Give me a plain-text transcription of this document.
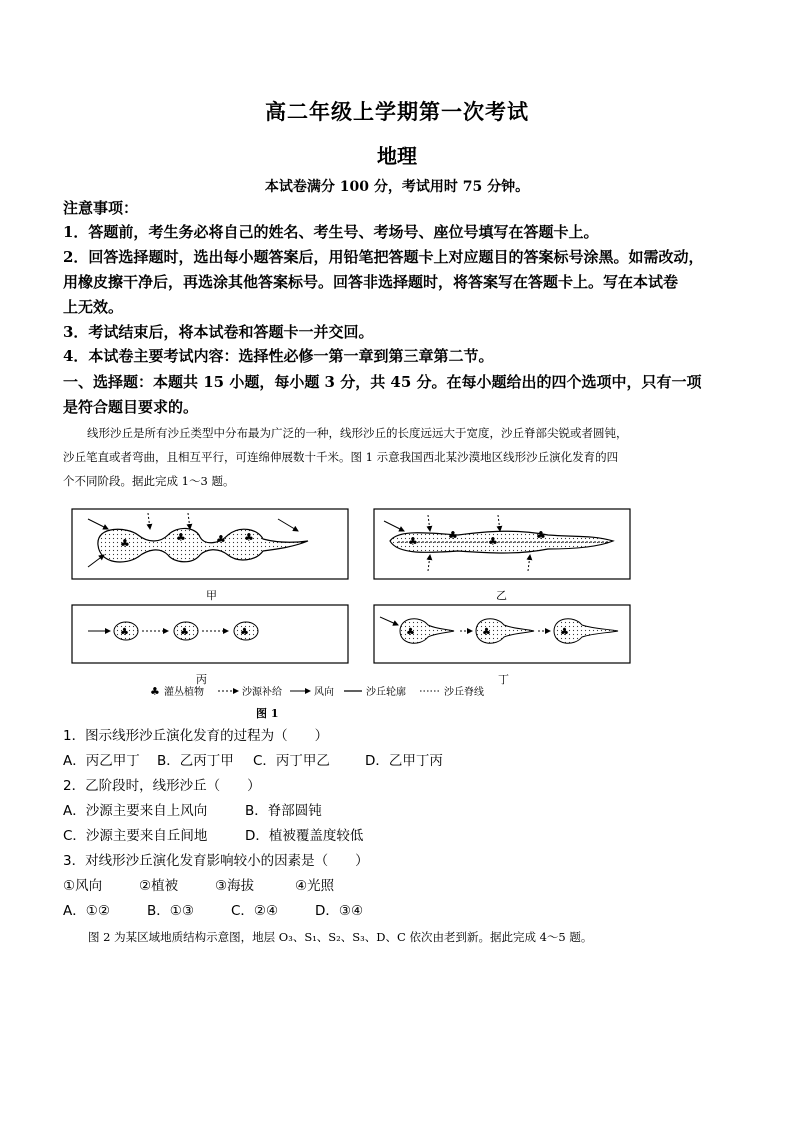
高二年级上学期第一次考试
地理
本试卷满分 100 分，考试用时 75 分钟。
注意事项：
1．答题前，考生务必将自己的姓名、考生号、考场号、座位号填写在答题卡上。
2．回答选择题时，选出每小题答案后，用铅笔把答题卡上对应题目的答案标号涂黑。如需改动，
用橡皮擦干净后，再选涂其他答案标号。回答非选择题时，将答案写在答题卡上。写在本试卷
上无效。
3．考试结束后，将本试卷和答题卡一并交回。
4．本试卷主要考试内容：选择性必修一第一章到第三章第二节。
一、选择题：本题共 15 小题，每小题 3 分，共 45 分。在每小题给出的四个选项中，只有一项
是符合题目要求的。
线形沙丘是所有沙丘类型中分布最为广泛的一种，线形沙丘的长度远远大于宽度，沙丘脊部尖锐或者圆钝，
沙丘笔直或者弯曲，且相互平行，可连绵伸展数十千米。图 1 示意我国西北某沙漠地区线形沙丘演化发育的四
个不同阶段。据此完成 1～3 题。
♣	♣	♣ ♣
甲
♣	♣	♣	♣
乙
♣	♣	♣
丙
♣	♣	♣
丁
♣ 灌丛植物	沙源补给	风向	沙丘轮廓	沙丘脊线
图 1
1．图示线形沙丘演化发育的过程为（　　）
A．丙乙甲丁 B．乙丙丁甲 C．丙丁甲乙	D．乙甲丁丙
2．乙阶段时，线形沙丘（　　）
A．沙源主要来自上风向	B．脊部圆钝
C．沙源主要来自丘间地	D．植被覆盖度较低
3．对线形沙丘演化发育影响较小的因素是（　　）
①风向	②植被	③海拔	④光照
A．①②	B．①③	C．②④	D．③④
图 2 为某区域地质结构示意图，地层 O₃、S₁、S₂、S₃、D、C 依次由老到新。据此完成 4～5 题。
